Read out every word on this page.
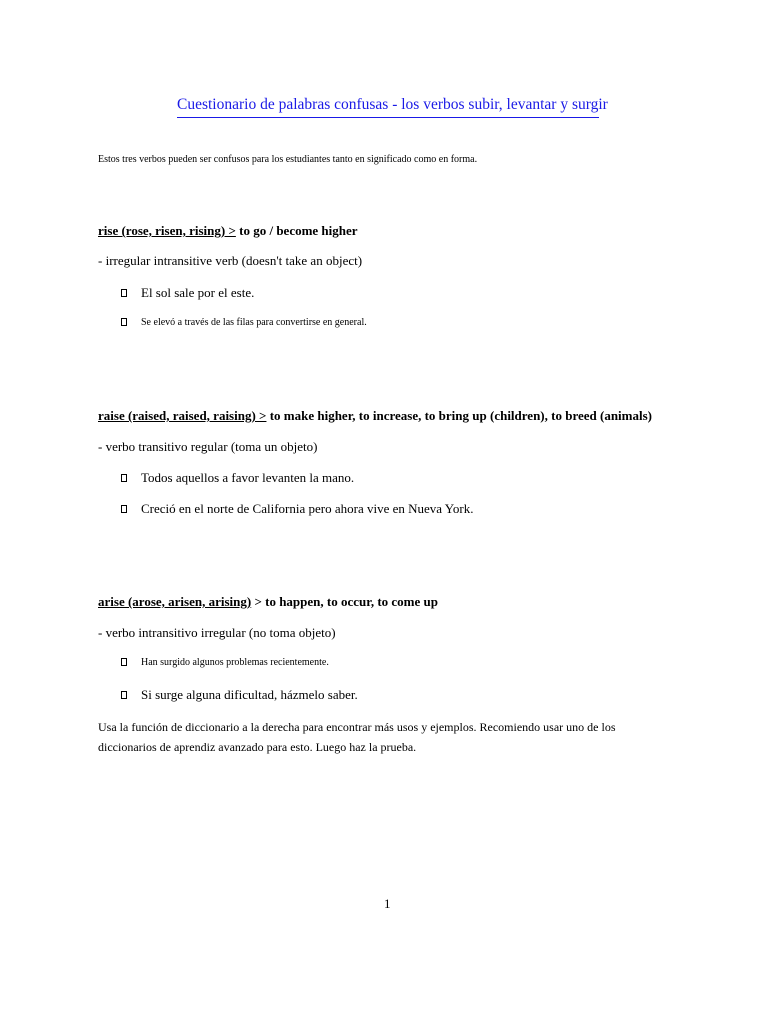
Cuestionario de palabras confusas - los verbos subir, levantar y surgir
Estos tres verbos pueden ser confusos para los estudiantes tanto en significado como en forma.
rise (rose, risen, rising) > to go / become higher
- irregular intransitive verb (doesn't take an object)
El sol sale por el este.
Se elevó a través de las filas para convertirse en general.
raise (raised, raised, raising) > to make higher, to increase, to bring up (children), to breed (animals)
- verbo transitivo regular (toma un objeto)
Todos aquellos a favor levanten la mano.
Creció en el norte de California pero ahora vive en Nueva York.
arise (arose, arisen, arising) > to happen, to occur, to come up
- verbo intransitivo irregular (no toma objeto)
Han surgido algunos problemas recientemente.
Si surge alguna dificultad, házmelo saber.
Usa la función de diccionario a la derecha para encontrar más usos y ejemplos. Recomiendo usar uno de los diccionarios de aprendiz avanzado para esto. Luego haz la prueba.
1
